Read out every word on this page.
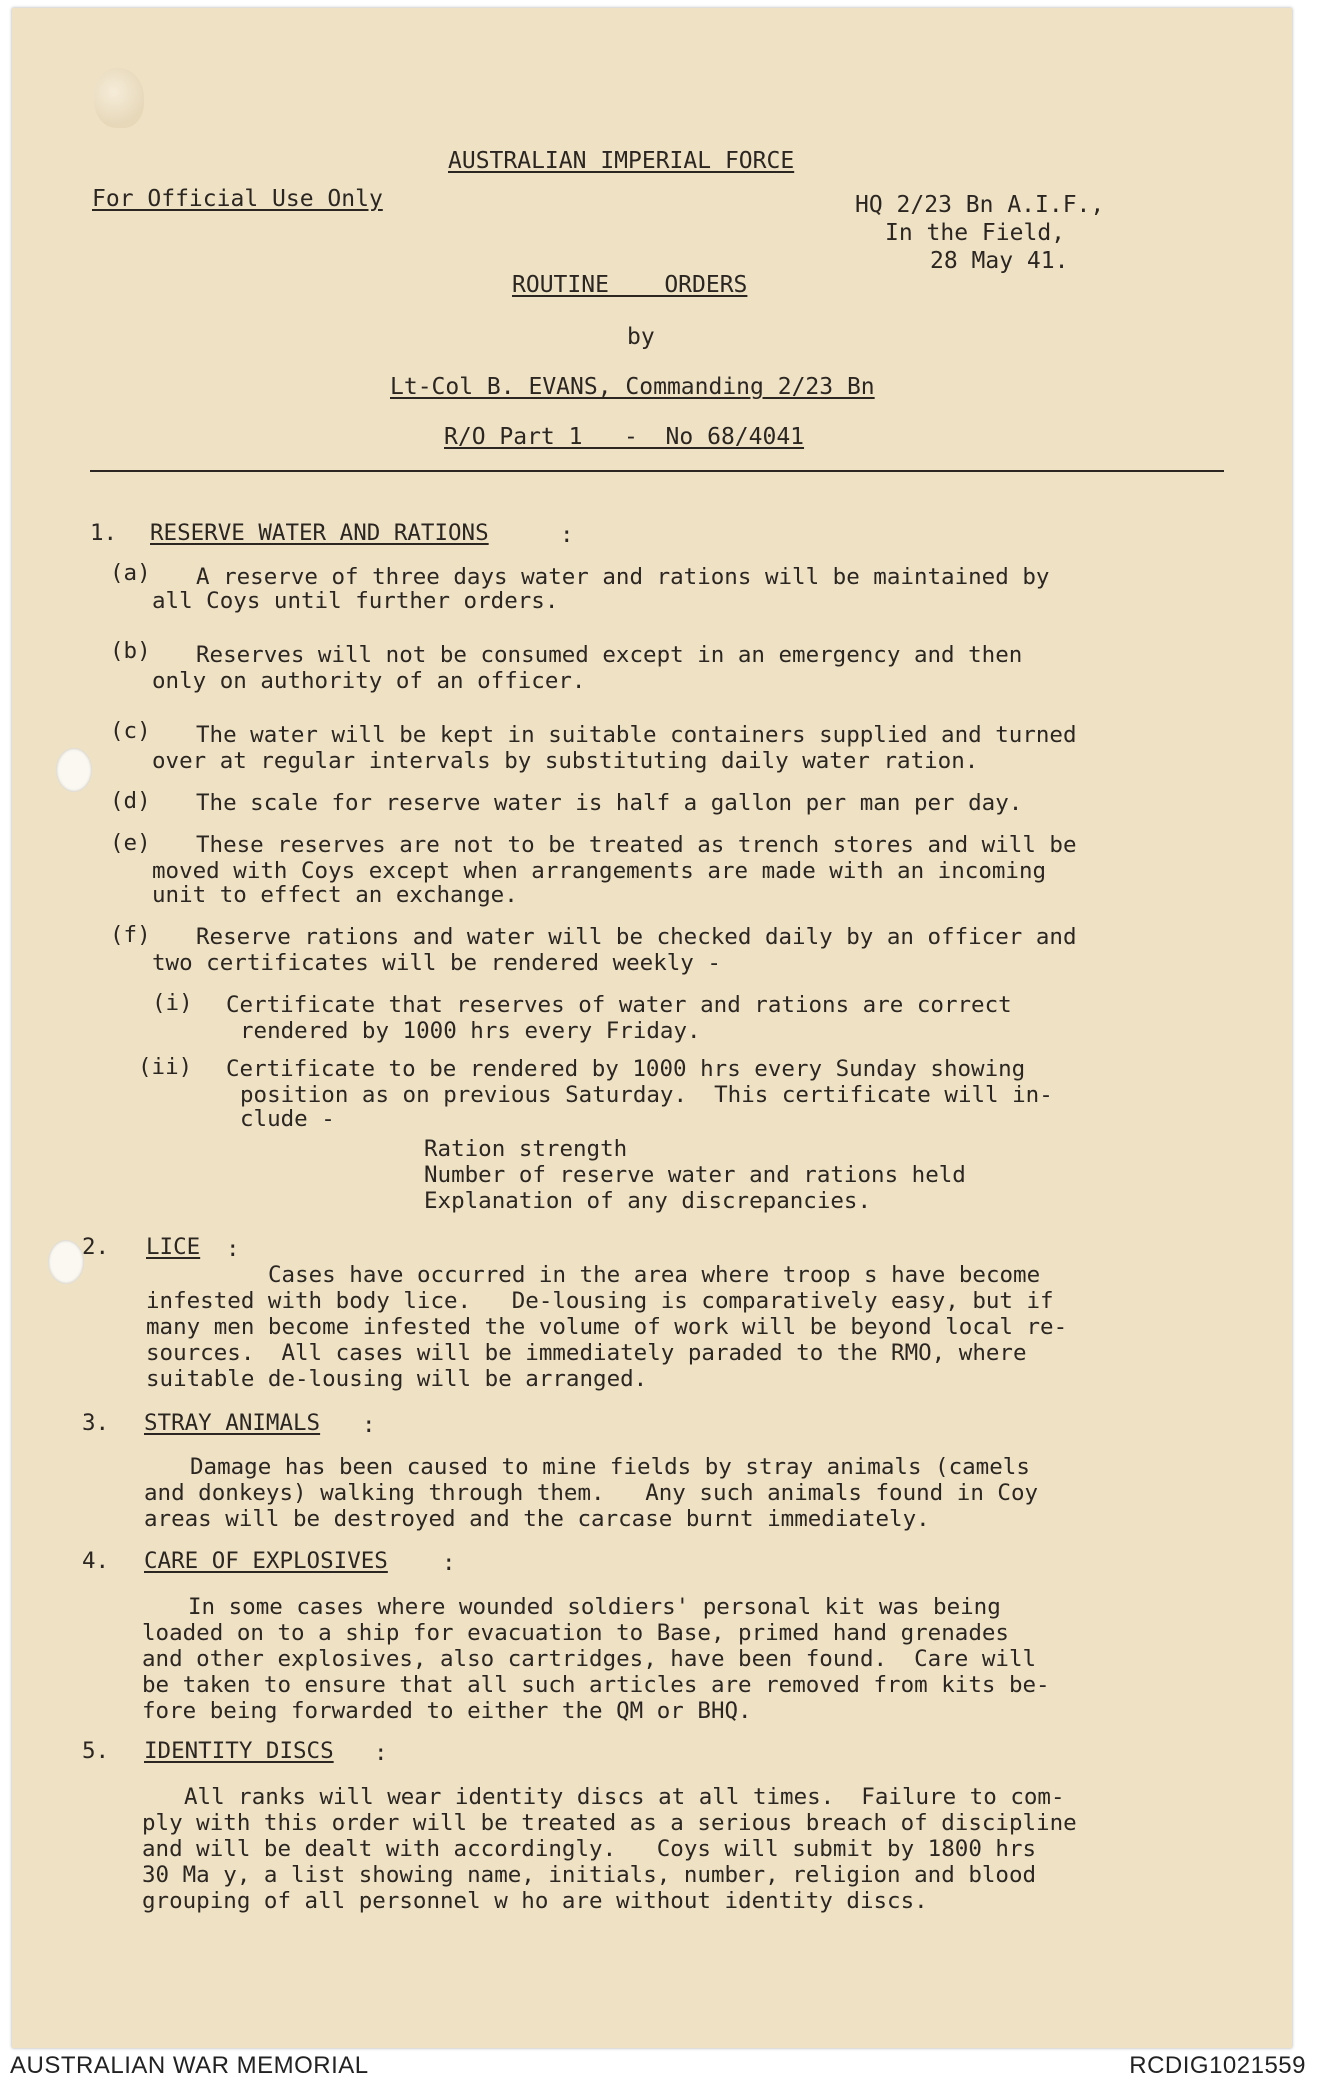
AUSTRALIAN IMPERIAL FORCE
For Official Use Only	HQ 2/23 Bn A.I.F.,
In the Field,
28 May 41.
ROUTINE    ORDERS
by
Lt-Col B. EVANS, Commanding 2/23 Bn
R/O Part 1   -  No 68/4041
1. RESERVE WATER AND RATIONS	:
(a) A reserve of three days water and rations will be maintained by
all Coys until further orders.
(b) Reserves will not be consumed except in an emergency and then
only on authority of an officer.
(c) The water will be kept in suitable containers supplied and turned
over at regular intervals by substituting daily water ration.
(d) The scale for reserve water is half a gallon per man per day.
(e) These reserves are not to be treated as trench stores and will be
moved with Coys except when arrangements are made with an incoming
unit to effect an exchange.
(f) Reserve rations and water will be checked daily by an officer and
two certificates will be rendered weekly -
(i) Certificate that reserves of water and rations are correct
rendered by 1000 hrs every Friday.
(ii) Certificate to be rendered by 1000 hrs every Sunday showing
position as on previous Saturday.  This certificate will in-
clude -
Ration strength
Number of reserve water and rations held
Explanation of any discrepancies.
2. LICE :
Cases have occurred in the area where troop s have become
infested with body lice.   De-lousing is comparatively easy, but if
many men become infested the volume of work will be beyond local re-
sources.  All cases will be immediately paraded to the RMO, where
suitable de-lousing will be arranged.
3. STRAY ANIMALS :
Damage has been caused to mine fields by stray animals (camels
and donkeys) walking through them.   Any such animals found in Coy
areas will be destroyed and the carcase burnt immediately.
4. CARE OF EXPLOSIVES :
In some cases where wounded soldiers' personal kit was being
loaded on to a ship for evacuation to Base, primed hand grenades
and other explosives, also cartridges, have been found.  Care will
be taken to ensure that all such articles are removed from kits be-
fore being forwarded to either the QM or BHQ.
5. IDENTITY DISCS :
All ranks will wear identity discs at all times.  Failure to com-
ply with this order will be treated as a serious breach of discipline
and will be dealt with accordingly.   Coys will submit by 1800 hrs
30 Ma y, a list showing name, initials, number, religion and blood
grouping of all personnel w ho are without identity discs.
AUSTRALIAN WAR MEMORIAL	RCDIG1021559
